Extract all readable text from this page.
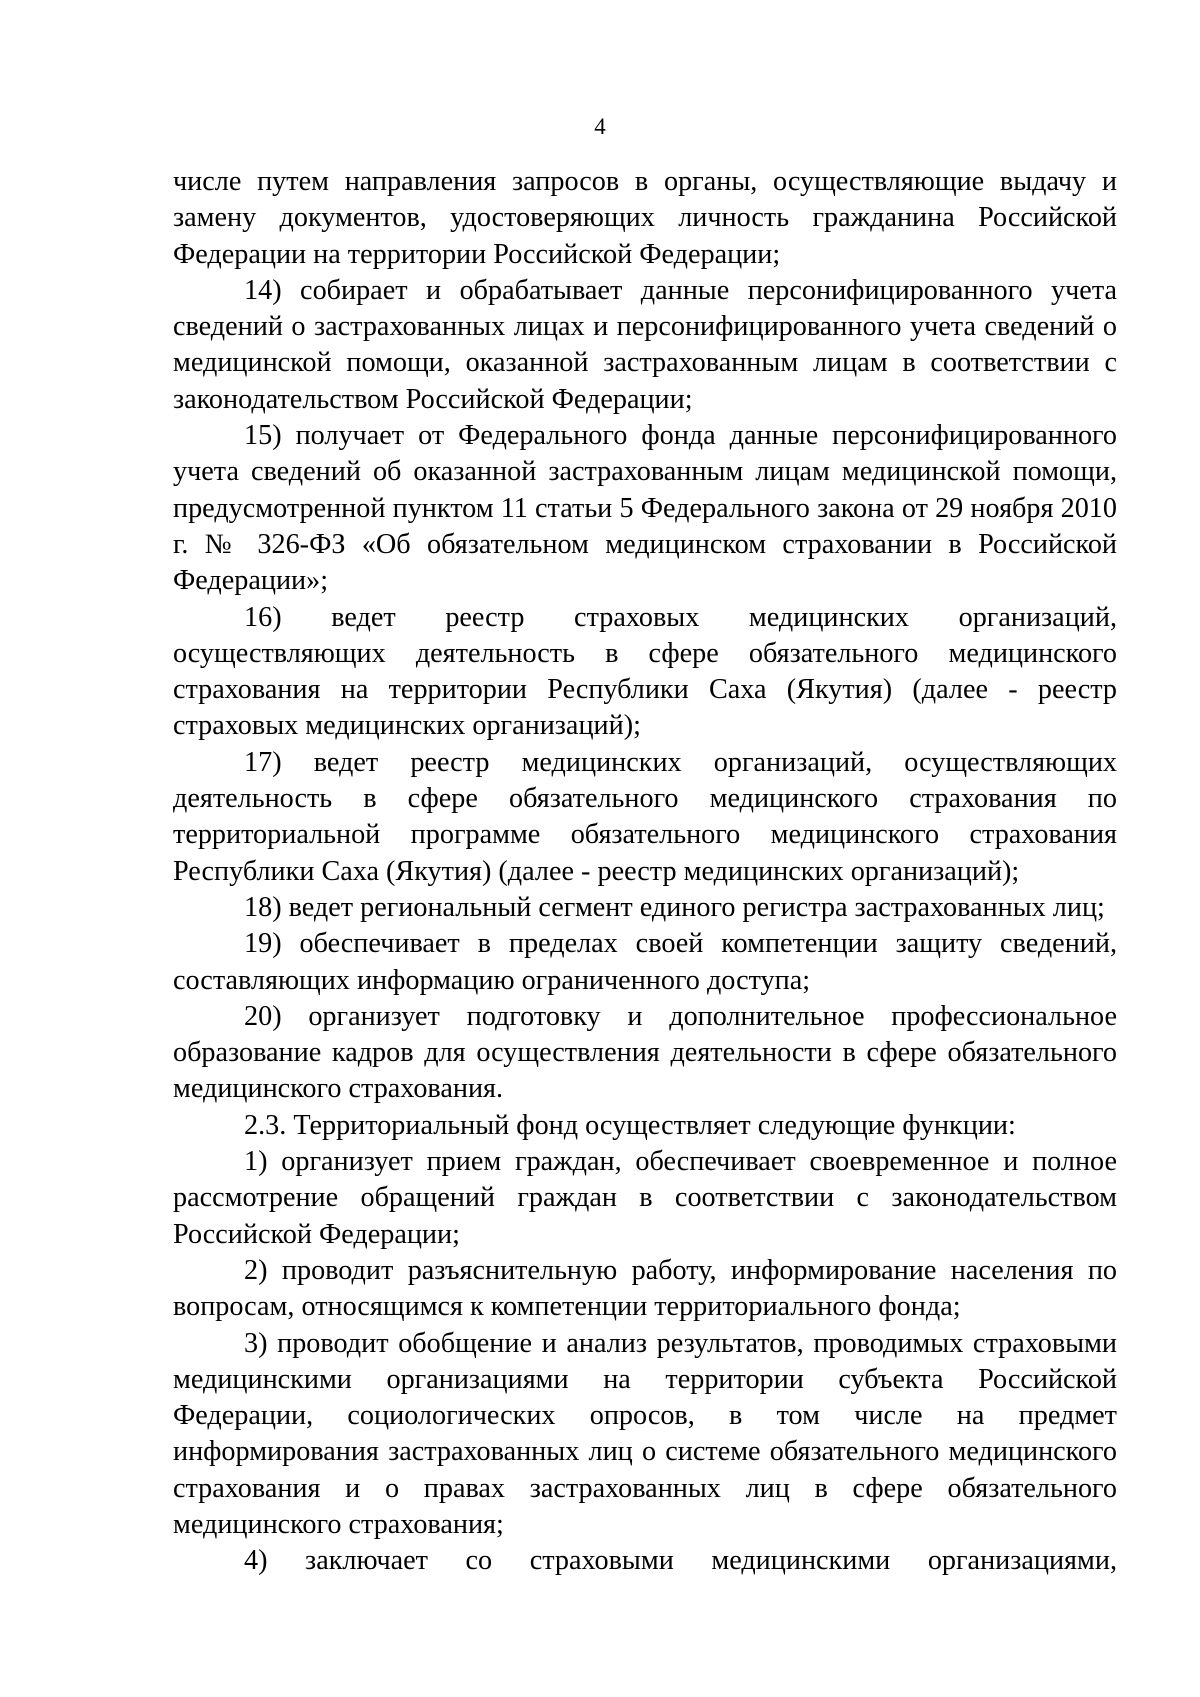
4

числе путем направления запросов в органы, осуществляющие выдачу и замену документов, удостоверяющих личность гражданина Российской Федерации на территории Российской Федерации;

14) собирает и обрабатывает данные персонифицированного учета сведений о застрахованных лицах и персонифицированного учета сведений о медицинской помощи, оказанной застрахованным лицам в соответствии с законодательством Российской Федерации;

15) получает от Федерального фонда данные персонифицированного учета сведений об оказанной застрахованным лицам медицинской помощи, предусмотренной пунктом 11 статьи 5 Федерального закона от 29 ноября 2010 г. № 326-ФЗ «Об обязательном медицинском страховании в Российской Федерации»;

16) ведет реестр страховых медицинских организаций, осуществляющих деятельность в сфере обязательного медицинского страхования на территории Республики Саха (Якутия) (далее - реестр страховых медицинских организаций);

17) ведет реестр медицинских организаций, осуществляющих деятельность в сфере обязательного медицинского страхования по территориальной программе обязательного медицинского страхования Республики Саха (Якутия) (далее - реестр медицинских организаций);

18) ведет региональный сегмент единого регистра застрахованных лиц;

19) обеспечивает в пределах своей компетенции защиту сведений, составляющих информацию ограниченного доступа;

20) организует подготовку и дополнительное профессиональное образование кадров для осуществления деятельности в сфере обязательного медицинского страхования.

2.3. Территориальный фонд осуществляет следующие функции:

1) организует прием граждан, обеспечивает своевременное и полное рассмотрение обращений граждан в соответствии с законодательством Российской Федерации;

2) проводит разъяснительную работу, информирование населения по вопросам, относящимся к компетенции территориального фонда;

3) проводит обобщение и анализ результатов, проводимых страховыми медицинскими организациями на территории субъекта Российской Федерации, социологических опросов, в том числе на предмет информирования застрахованных лиц о системе обязательного медицинского страхования и о правах застрахованных лиц в сфере обязательного медицинского страхования;

4) заключает со страховыми медицинскими организациями,
